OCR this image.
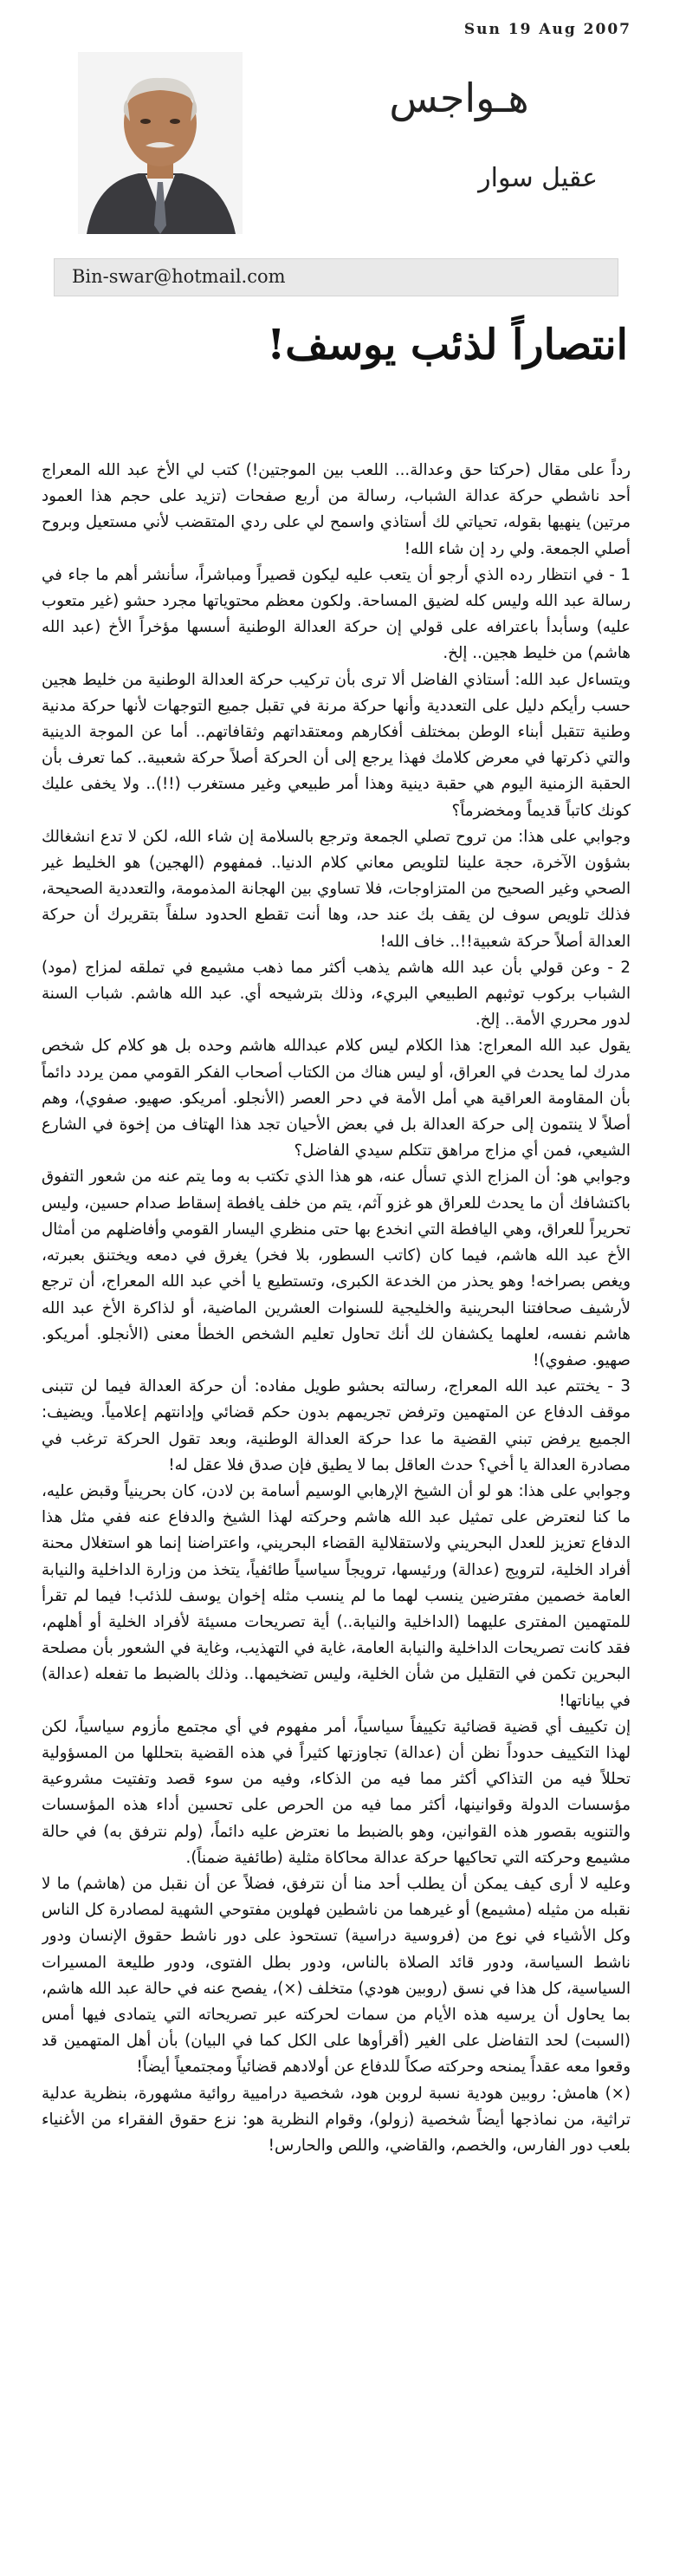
Sun 19 Aug 2007
هـواجس
عقيل سوار
Bin-swar@hotmail.com
انتصاراً لذئب يوسف!

رداً على مقال (حركتا حق وعدالة... اللعب بين الموجتين!) كتب لي الأخ عبد الله المعراج أحد ناشطي حركة عدالة الشباب، رسالة من أربع صفحات (تزيد على حجم هذا العمود مرتين) ينهيها بقوله، تحياتي لك أستاذي واسمح لي على ردي المتقضب لأني مستعيل وبروح أصلي الجمعة. ولي رد إن شاء الله!

1 - في انتظار رده الذي أرجو أن يتعب عليه ليكون قصيراً ومباشراً، سأنشر أهم ما جاء في رسالة عبد الله وليس كله لضيق المساحة. ولكون معظم محتوياتها مجرد حشو (غير متعوب عليه) وسأبدأ باعترافه على قولي إن حركة العدالة الوطنية أسسها مؤخراً الأخ (عبد الله هاشم) من خليط هجين.. إلخ.

ويتساءل عبد الله: أستاذي الفاضل ألا ترى بأن تركيب حركة العدالة الوطنية من خليط هجين حسب رأيكم دليل على التعددية وأنها حركة مرنة في تقبل جميع التوجهات لأنها حركة مدنية وطنية تتقبل أبناء الوطن بمختلف أفكارهم ومعتقداتهم وثقافاتهم.. أما عن الموجة الدينية والتي ذكرتها في معرض كلامك فهذا يرجع إلى أن الحركة أصلاً حركة شعبية.. كما تعرف بأن الحقبة الزمنية اليوم هي حقبة دينية وهذا أمر طبيعي وغير مستغرب (!!).. ولا يخفى عليك كونك كاتباً قديماً ومخضرماً؟

وجوابي على هذا: من تروح تصلي الجمعة وترجع بالسلامة إن شاء الله، لكن لا تدع انشغالك بشؤون الآخرة، حجة علينا لتلويص معاني كلام الدنيا.. فمفهوم (الهجين) هو الخليط غير الصحي وغير الصحيح من المتزاوجات، فلا تساوي بين الهجانة المذمومة، والتعددية الصحيحة، فذلك تلويص سوف لن يقف بك عند حد، وها أنت تقطع الحدود سلفاً بتقريرك أن حركة العدالة أصلاً حركة شعبية!!.. خاف الله!

2 - وعن قولي بأن عبد الله هاشم يذهب أكثر مما ذهب مشيمع في تملقه لمزاج (مود) الشباب بركوب توثبهم الطبيعي البريء، وذلك بترشيحه أي. عبد الله هاشم. شباب السنة لدور محرري الأمة.. إلخ.

يقول عبد الله المعراج: هذا الكلام ليس كلام عبدالله هاشم وحده بل هو كلام كل شخص مدرك لما يحدث في العراق، أو ليس هناك من الكتاب أصحاب الفكر القومي ممن يردد دائماً بأن المقاومة العراقية هي أمل الأمة في دحر العصر (الأنجلو. أمريكو. صهيو. صفوي)، وهم أصلاً لا ينتمون إلى حركة العدالة بل في بعض الأحيان تجد هذا الهتاف من إخوة في الشارع الشيعي، فمن أي مزاج مراهق تتكلم سيدي الفاضل؟

وجوابي هو: أن المزاج الذي تسأل عنه، هو هذا الذي تكتب به وما يتم عنه من شعور التفوق باكتشافك أن ما يحدث للعراق هو غزو آثم، يتم من خلف يافطة إسقاط صدام حسين، وليس تحريراً للعراق، وهي اليافطة التي انخدع بها حتى منظري اليسار القومي وأفاضلهم من أمثال الأخ عبد الله هاشم، فيما كان (كاتب السطور، بلا فخر) يغرق في دمعه ويختنق بعبرته، ويغص بصراخه! وهو يحذر من الخدعة الكبرى، وتستطيع يا أخي عبد الله المعراج، أن ترجع لأرشيف صحافتنا البحرينية والخليجية للسنوات العشرين الماضية، أو لذاكرة الأخ عبد الله هاشم نفسه، لعلهما يكشفان لك أنك تحاول تعليم الشخص الخطأ معنى (الأنجلو. أمريكو. صهيو. صفوي)!

3 - يختتم عبد الله المعراج، رسالته بحشو طويل مفاده: أن حركة العدالة فيما لن تتبنى موقف الدفاع عن المتهمين وترفض تجريمهم بدون حكم قضائي وإدانتهم إعلامياً. ويضيف: الجميع يرفض تبني القضية ما عدا حركة العدالة الوطنية، وبعد تقول الحركة ترغب في مصادرة العدالة يا أخي؟ حدث العاقل بما لا يطيق فإن صدق فلا عقل له!

وجوابي على هذا: هو لو أن الشيخ الإرهابي الوسيم أسامة بن لادن، كان بحرينياً وقبض عليه، ما كنا لنعترض على تمثيل عبد الله هاشم وحركته لهذا الشيخ والدفاع عنه ففي مثل هذا الدفاع تعزيز للعدل البحريني ولاستقلالية القضاء البحريني، واعتراضنا إنما هو استغلال محنة أفراد الخلية، لترويج (عدالة) ورئيسها، ترويجاً سياسياً طائفياً، يتخذ من وزارة الداخلية والنيابة العامة خصمين مفترضين ينسب لهما ما لم ينسب مثله إخوان يوسف للذئب! فيما لم تقرأ للمتهمين المفترى عليهما (الداخلية والنيابة..) أية تصريحات مسيئة لأفراد الخلية أو أهلهم، فقد كانت تصريحات الداخلية والنيابة العامة، غاية في التهذيب، وغاية في الشعور بأن مصلحة البحرين تكمن في التقليل من شأن الخلية، وليس تضخيمها.. وذلك بالضبط ما تفعله (عدالة) في بياناتها!

إن تكييف أي قضية قضائية تكييفاً سياسياً، أمر مفهوم في أي مجتمع مأزوم سياسياً، لكن لهذا التكييف حدوداً نظن أن (عدالة) تجاوزتها كثيراً في هذه القضية بتحللها من المسؤولية تحللاً فيه من التذاكي أكثر مما فيه من الذكاء، وفيه من سوء قصد وتفتيت مشروعية مؤسسات الدولة وقوانينها، أكثر مما فيه من الحرص على تحسين أداء هذه المؤسسات والتنويه بقصور هذه القوانين، وهو بالضبط ما نعترض عليه دائماً، (ولم نترفق به) في حالة مشيمع وحركته التي تحاكيها حركة عدالة محاكاة مثلية (طائفية ضمناً).

وعليه لا أرى كيف يمكن أن يطلب أحد منا أن نترفق، فضلاً عن أن نقبل من (هاشم) ما لا نقبله من مثيله (مشيمع) أو غيرهما من ناشطين فهلوين مفتوحي الشهية لمصادرة كل الناس وكل الأشياء في نوع من (فروسية دراسية) تستحوذ على دور ناشط حقوق الإنسان ودور ناشط السياسة، ودور قائد الصلاة بالناس، ودور بطل الفتوى، ودور طليعة المسيرات السياسية، كل هذا في نسق (روبين هودي) متخلف (×)، يفصح عنه في حالة عبد الله هاشم، بما يحاول أن يرسيه هذه الأيام من سمات لحركته عبر تصريحاته التي يتمادى فيها أمس (السبت) لحد التفاضل على الغير (أقرأوها على الكل كما في البيان) بأن أهل المتهمين قد وقعوا معه عقداً يمنحه وحركته صكاً للدفاع عن أولادهم قضائياً ومجتمعياً أيضاً!

(×) هامش: روبين هودية نسبة لروبن هود، شخصية دراميية روائية مشهورة، بنظرية عدلية تراثية، من نماذجها أيضاً شخصية (زولو)، وقوام النظرية هو: نزع حقوق الفقراء من الأغنياء بلعب دور الفارس، والخصم، والقاضي، واللص والحارس!
